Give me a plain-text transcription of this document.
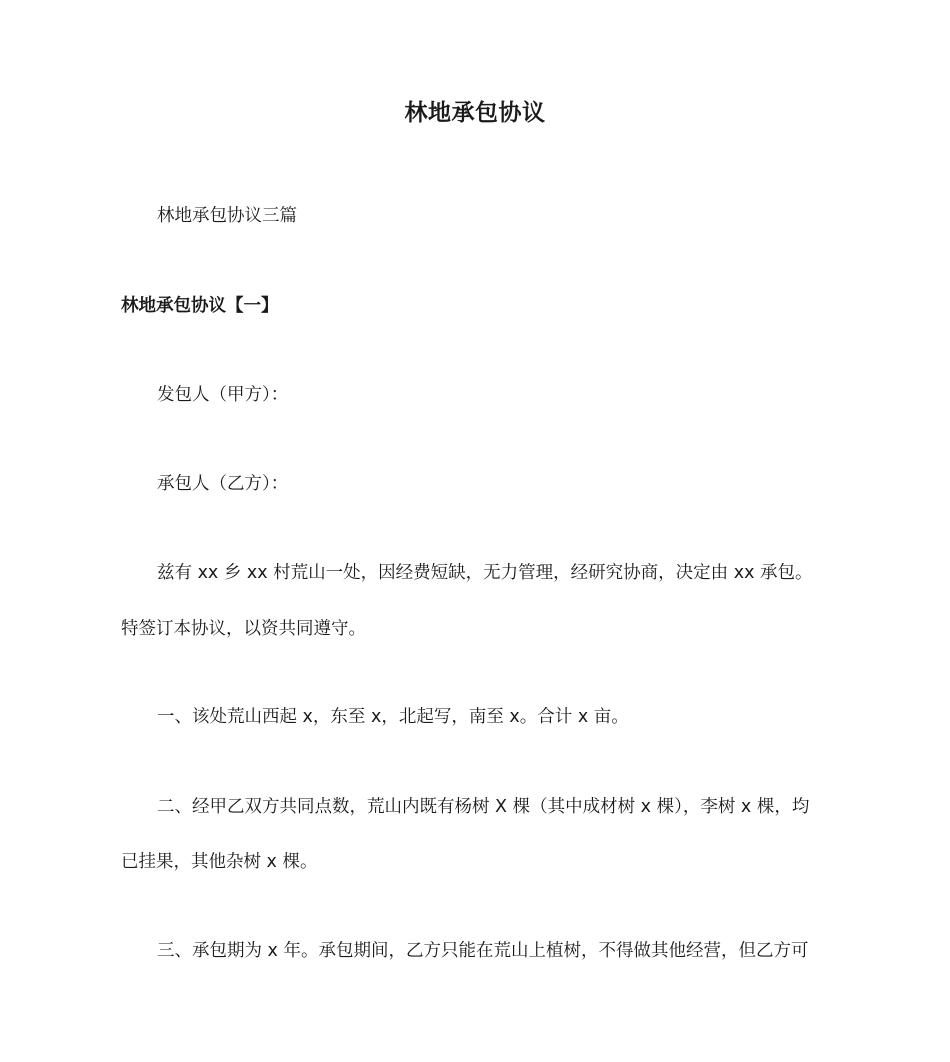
林地承包协议
林地承包协议三篇
林地承包协议【一】
发包人（甲方）：
承包人（乙方）：
兹有 xx 乡 xx 村荒山一处，因经费短缺，无力管理，经研究协商，决定由 xx 承包。
特签订本协议，以资共同遵守。
一、该处荒山西起 x，东至 x，北起写，南至 x。合计 x 亩。
二、经甲乙双方共同点数，荒山内既有杨树 X 棵（其中成材树 x 棵），李树 x 棵，均
已挂果，其他杂树 x 棵。
三、承包期为 x 年。承包期间，乙方只能在荒山上植树，不得做其他经营，但乙方可
